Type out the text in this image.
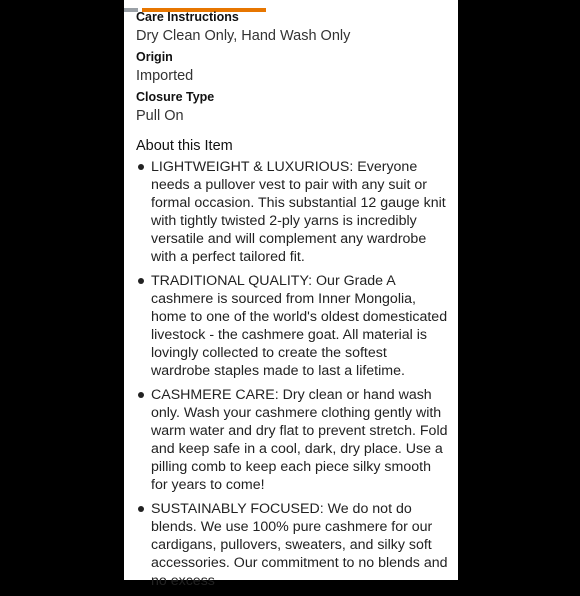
Care Instructions
Dry Clean Only, Hand Wash Only
Origin
Imported
Closure Type
Pull On
About this Item
LIGHTWEIGHT & LUXURIOUS: Everyone needs a pullover vest to pair with any suit or formal occasion. This substantial 12 gauge knit with tightly twisted 2-ply yarns is incredibly versatile and will complement any wardrobe with a perfect tailored fit.
TRADITIONAL QUALITY: Our Grade A cashmere is sourced from Inner Mongolia, home to one of the world's oldest domesticated livestock - the cashmere goat. All material is lovingly collected to create the softest wardrobe staples made to last a lifetime.
CASHMERE CARE: Dry clean or hand wash only. Wash your cashmere clothing gently with warm water and dry flat to prevent stretch. Fold and keep safe in a cool, dark, dry place. Use a pilling comb to keep each piece silky smooth for years to come!
SUSTAINABLY FOCUSED: We do not do blends. We use 100% pure cashmere for our cardigans, pullovers, sweaters, and silky soft accessories. Our commitment to no blends and no excess
